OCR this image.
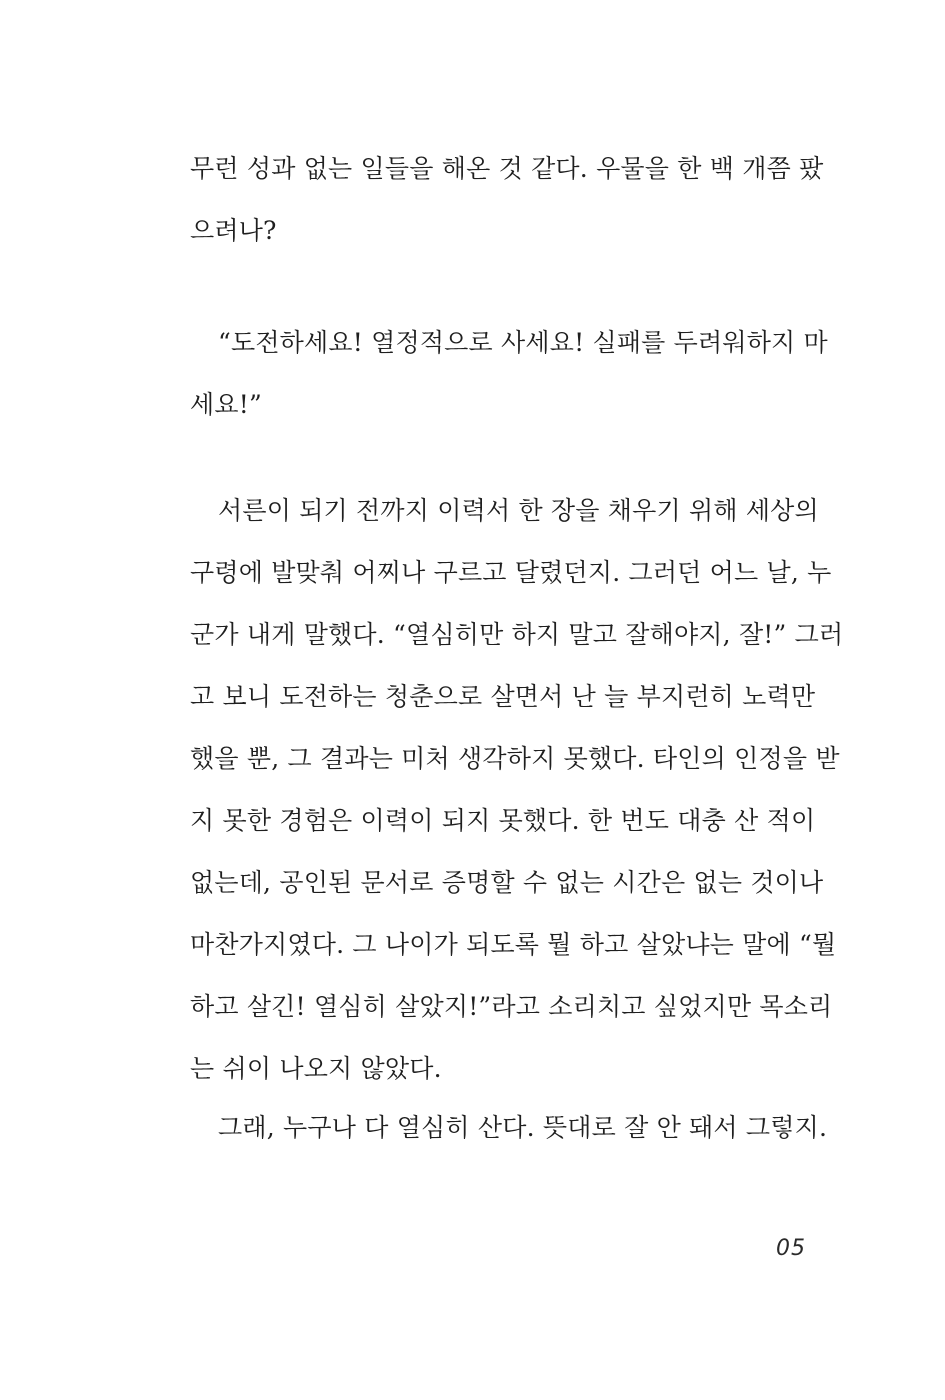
무런 성과 없는 일들을 해온 것 같다. 우물을 한 백 개쯤 팠
으려나?
“도전하세요! 열정적으로 사세요! 실패를 두려워하지 마
세요!”
서른이 되기 전까지 이력서 한 장을 채우기 위해 세상의
구령에 발맞춰 어찌나 구르고 달렸던지. 그러던 어느 날, 누
군가 내게 말했다. “열심히만 하지 말고 잘해야지, 잘!” 그러
고 보니 도전하는 청춘으로 살면서 난 늘 부지런히 노력만
했을 뿐, 그 결과는 미처 생각하지 못했다. 타인의 인정을 받
지 못한 경험은 이력이 되지 못했다. 한 번도 대충 산 적이
없는데, 공인된 문서로 증명할 수 없는 시간은 없는 것이나
마찬가지였다. 그 나이가 되도록 뭘 하고 살았냐는 말에 “뭘
하고 살긴! 열심히 살았지!”라고 소리치고 싶었지만 목소리
는 쉬이 나오지 않았다.
그래, 누구나 다 열심히 산다. 뜻대로 잘 안 돼서 그렇지.
05
